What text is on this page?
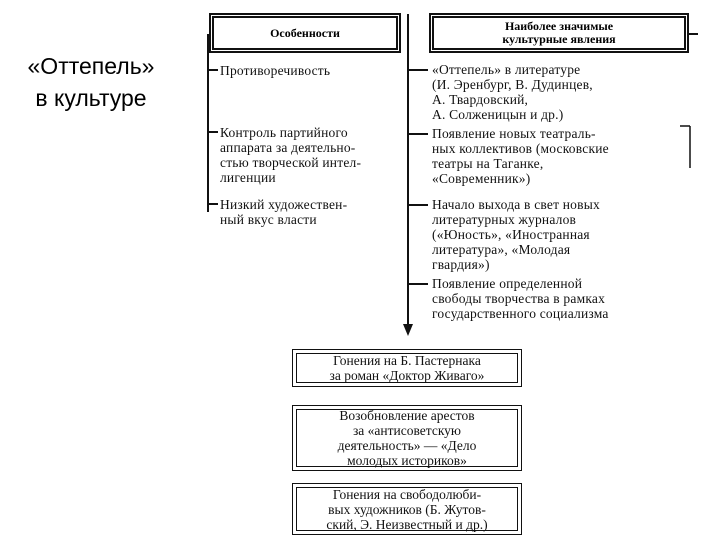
«Оттепель»
в культуре
Особенности	Наиболее значимые
культурные явления
Противоречивость
Контроль партийного
аппарата за деятельно-
стью творческой интел-
лигенции
Низкий художествен-
ный вкус власти
«Оттепель» в литературе
(И. Эренбург, В. Дудинцев,
А. Твардовский,
А. Солженицын и др.)
Появление новых театраль-
ных коллективов (московские
театры на Таганке,
«Современник»)
Начало выхода в свет новых
литературных журналов
(«Юность», «Иностранная
литература», «Молодая
гвардия»)
Появление определенной
свободы творчества в рамках
государственного социализма
Гонения на Б. Пастернака
за роман «Доктор Живаго»
Возобновление арестов
за «антисоветскую
деятельность» — «Дело
молодых историков»
Гонения на свободолюби-
вых художников (Б. Жутов-
ский, Э. Неизвестный и др.)
